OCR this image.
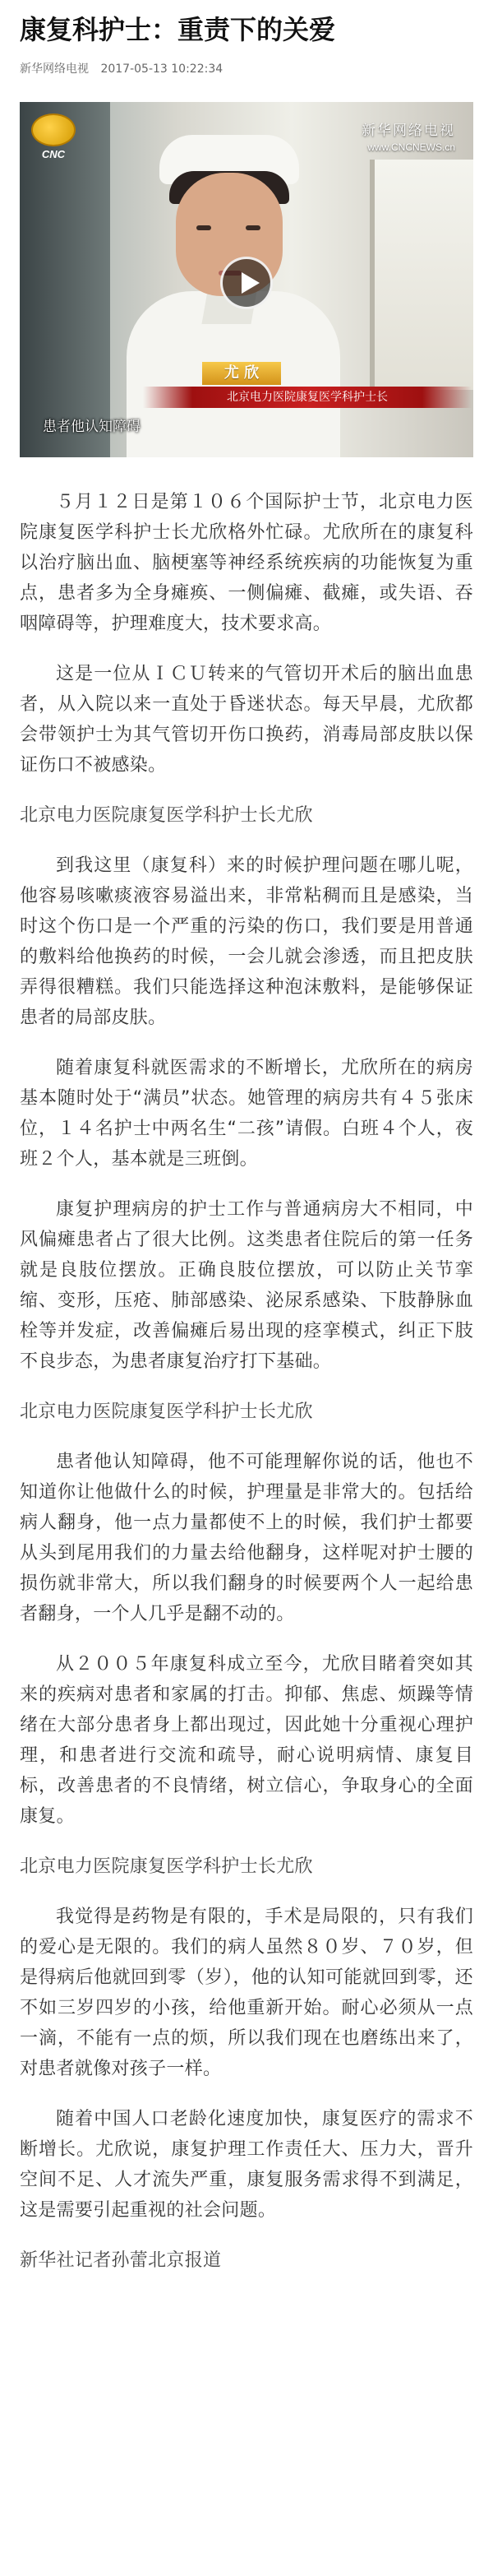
康复科护士：重责下的关爱
新华网络电视 2017-05-13 10:22:34
CNC
新华网络电视
www.CNCNEWS.cn
尤 欣
北京电力医院康复医学科护士长
患者他认知障碍

５月１２日是第１０６个国际护士节，北京电力医院康复医学科护士长尤欣格外忙碌。尤欣所在的康复科以治疗脑出血、脑梗塞等神经系统疾病的功能恢复为重点，患者多为全身瘫痪、一侧偏瘫、截瘫，或失语、吞咽障碍等，护理难度大，技术要求高。

这是一位从ＩＣＵ转来的气管切开术后的脑出血患者，从入院以来一直处于昏迷状态。每天早晨，尤欣都会带领护士为其气管切开伤口换药，消毒局部皮肤以保证伤口不被感染。

北京电力医院康复医学科护士长尤欣

到我这里（康复科）来的时候护理问题在哪儿呢，他容易咳嗽痰液容易溢出来，非常粘稠而且是感染，当时这个伤口是一个严重的污染的伤口，我们要是用普通的敷料给他换药的时候，一会儿就会渗透，而且把皮肤弄得很糟糕。我们只能选择这种泡沫敷料，是能够保证患者的局部皮肤。

随着康复科就医需求的不断增长，尤欣所在的病房基本随时处于“满员”状态。她管理的病房共有４５张床位，１４名护士中两名生“二孩”请假。白班４个人，夜班２个人，基本就是三班倒。

康复护理病房的护士工作与普通病房大不相同，中风偏瘫患者占了很大比例。这类患者住院后的第一任务就是良肢位摆放。正确良肢位摆放，可以防止关节挛缩、变形，压疮、肺部感染、泌尿系感染、下肢静脉血栓等并发症，改善偏瘫后易出现的痉挛模式，纠正下肢不良步态，为患者康复治疗打下基础。

北京电力医院康复医学科护士长尤欣

患者他认知障碍，他不可能理解你说的话，他也不知道你让他做什么的时候，护理量是非常大的。包括给病人翻身，他一点力量都使不上的时候，我们护士都要从头到尾用我们的力量去给他翻身，这样呢对护士腰的损伤就非常大，所以我们翻身的时候要两个人一起给患者翻身，一个人几乎是翻不动的。

从２００５年康复科成立至今，尤欣目睹着突如其来的疾病对患者和家属的打击。抑郁、焦虑、烦躁等情绪在大部分患者身上都出现过，因此她十分重视心理护理，和患者进行交流和疏导，耐心说明病情、康复目标，改善患者的不良情绪，树立信心，争取身心的全面康复。

北京电力医院康复医学科护士长尤欣

我觉得是药物是有限的，手术是局限的，只有我们的爱心是无限的。我们的病人虽然８０岁、７０岁，但是得病后他就回到零（岁），他的认知可能就回到零，还不如三岁四岁的小孩，给他重新开始。耐心必须从一点一滴，不能有一点的烦，所以我们现在也磨练出来了，对患者就像对孩子一样。

随着中国人口老龄化速度加快，康复医疗的需求不断增长。尤欣说，康复护理工作责任大、压力大，晋升空间不足、人才流失严重，康复服务需求得不到满足，这是需要引起重视的社会问题。

新华社记者孙蕾北京报道
